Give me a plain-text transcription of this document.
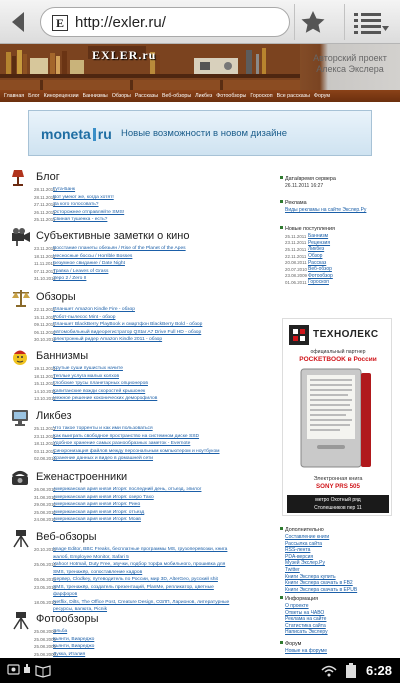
E http://exler.ru/
EXLER.ru	Авторский проект
Алекса Экслера
Главная Блог Кинорецензии Баннизмы Обзоры Рассказы Веб-обзоры Ликбез Фотообзоры Гороскоп Все рассказы Форум
moneta ru Новые возможности в новом дизайне
Блог
28.11.2011
Гута-Банк
28.11.2011
Вот умеют же, когда хотят!
27.11.2011
За кого голосовать?
26.11.2011
Осторожнее отправляйте SMS!
25.11.2011
Свиная тушенка - есть?
Субъективные заметки о кино
23.11.2011
Восстание планеты обезьян / Rise of the Planet of the Apes
18.11.2011
Несносные боссы / Horrible Bosses
11.11.2011
Безумное свидание / Date Night
07.11.2011
Травка / Leaves of Grass
31.10.2011
Зеро 2 / Zero II
Обзоры
22.11.2011
Планшет Amazon Kindle Fire - обзор
15.11.2011
Робот-пылесос Mint - обзор
09.11.2011
Планшет BlackBerry PlayBook и смартфон BlackBerry Bold - обзор
06.11.2011
Автомобильный видеорегистратор QStar A7 Drive Full HD - обзор
30.10.2011
Электронный ридер Amazon Kindle 2011 - обзор
Баннизмы
19.11.2011
Крутые суши пушистых начите
18.11.2011
Теплые услуга малых колхов
15.11.2011
Глобские трусы планетарных опционеров
14.10.2011
Капитанские вожди скоростей крышонек
13.10.2011
Нежное решение коконических деморофилов
Ликбез
25.11.2011
Что такое торренты и как ими пользоваться
23.11.2011
Как выиграть свободное пространство на системном диске SSD
18.11.2011
Удобное хранение самых разнообразных заметок - Evernote
03.11.2011
Синхронизация файлов между персональным компьютером и ноутбуком
02.08.2011
Хранение данных и видео в домашней сети
Еженастроенники
26.08.2011
Американская ария князя Игоря: последний день, отъезд, эпилог
31.08.2011
Американская ария князя Игоря: озеро Тахо
29.08.2011
Американская ария князя Игоря: Рино
25.08.2011
Американская ария князя Игоря: отъезд
24.08.2011
Американская ария князя Игоря: Моав
Веб-обзоры
20.10.2010
Image Editor, BBC Freaks, бесплатные программы MS, грузоперевозки, книга
жалоб, Employee Monitor, Safari 5
25.06.2010
Yahoo! Hotmail, Duty Free, звучки, подбор торфа мобильного, прошивка для
SMS, тренажёр, сопоставление кадров
05.06.2010
Сервер, Clodkey, путеводитель по России, мир 3D, AlterGeo, русский shit
23.05.2010
SMS, тренажёр, создатель презентаций, PlanMe, репликатор, цветные
фарфоров
18.05.2010
Netflix, Dilts, The Office Post, Creature Design, ОЗЛП, Ларионов, литературные
ресурсы, валюта, Picnik
Фотообзоры
25.08.2009
Эльба
25.08.2009
Кьянти, Виареджо
25.08.2009
Кьянти, Виареджо
25.08.2009
Лукка, Италия
Дата/время сервера
26.11.2011 16:27
Реклама
Виды рекламы на сайте Экслер.Ру
Новые поступления
25.11.2011 Баннизм
23.11.2011 Рецензия
25.11.2011 Ликбез
22.11.2011 Обзор
20.08.2011 Рассказ
20.07.2010 Веб-обзор
23.08.2009 Фотообзор
01.06.2011 Гороскоп
ТЕХНОЛЕКС
официальный партнер
POCKETBOOK в России
Электронная книга
SONY PRS 505
метро Охотный ряд
Столешников пер 11
Дополнительно
Составление книги
Рассылка сайта
RSS-лента
PDA-версия
Музей Экслер.Ру
Twitter
Книги Экслера купить
Книги Экслера скачать в FB2
Книги Экслера скачать в EPUB
Информация
О проекте
Ответы на ЧАВО
Реклама на сайте
Статистика сайта
Написать Экслеру
Форум
Новые на форуме
6:28
